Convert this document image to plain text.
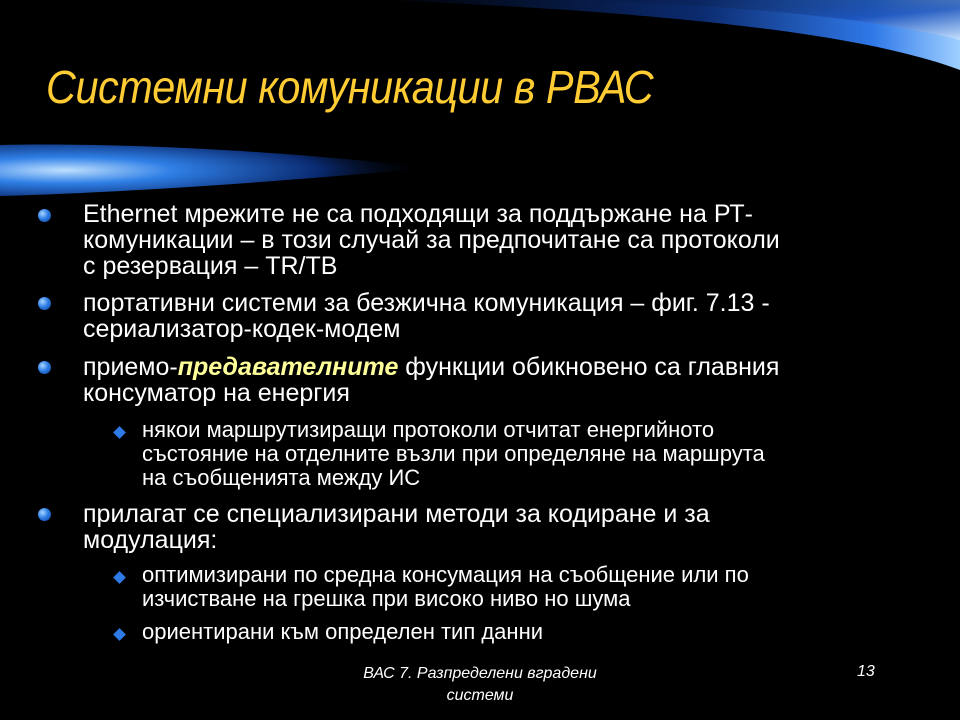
Системни комуникации в РВАС
Ethernet мрежите не са подходящи за поддържане на РТ-
комуникации – в този случай за предпочитане са протоколи
с резервация – TR/TB
портативни системи за безжична комуникация – фиг. 7.13 -
сериализатор-кодек-модем
приемо-предавателните функции обикновено са главния
консуматор на енергия
някои маршрутизиращи протоколи отчитат енергийното
състояние на отделните възли при определяне на маршрута
на съобщенията между ИС
прилагат се специализирани методи за кодиране и за
модулация:
оптимизирани по средна консумация на съобщение или по
изчистване на грешка при високо ниво но шума
ориентирани към определен тип данни
ВАС 7. Разпределени вградени
системи
13
